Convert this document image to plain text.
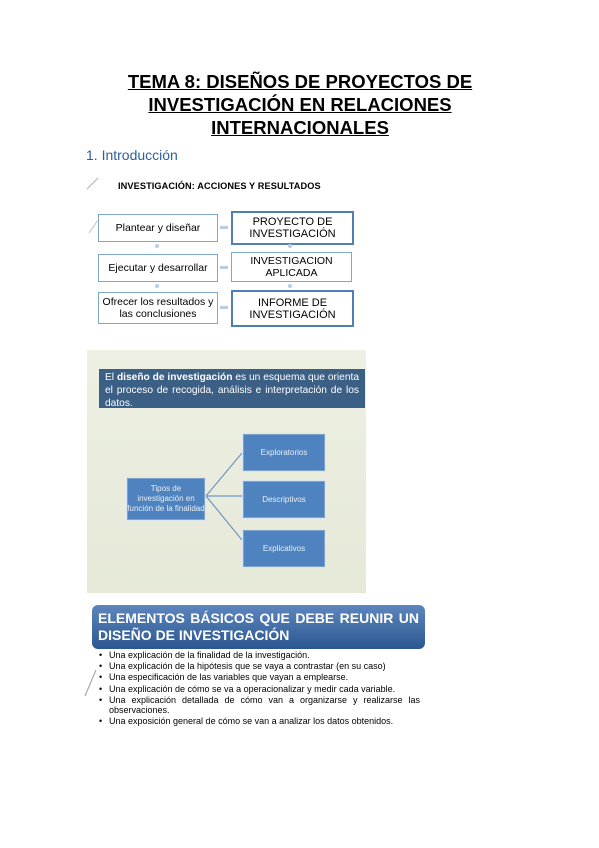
TEMA 8: DISEÑOS DE PROYECTOS DE
INVESTIGACIÓN EN RELACIONES
INTERNACIONALES
1. Introducción
INVESTIGACIÓN: ACCIONES Y RESULTADOS
Plantear y diseñar
Ejecutar y desarrollar
Ofrecer los resultados y las conclusiones
PROYECTO DE INVESTIGACIÓN
INVESTIGACION APLICADA
INFORME DE INVESTIGACIÓN
El diseño de investigación es un esquema que orienta el proceso de recogida, análisis e interpretación de los datos.
Tipos de investigación en función de la finalidad
Exploratorios
Descriptivos
Explicativos
ELEMENTOS BÁSICOS QUE DEBE REUNIR UN DISEÑO DE INVESTIGACIÓN
• Una explicación de la finalidad de la investigación.
• Una explicación de la hipótesis que se vaya a contrastar (en su caso)
• Una especificación de las variables que vayan a emplearse.
• Una explicación de cómo se va a operacionalizar y medir cada variable.
• Una explicación detallada de cómo van a organizarse y realizarse las observaciones.
• Una exposición general de cómo se van a analizar los datos obtenidos.
